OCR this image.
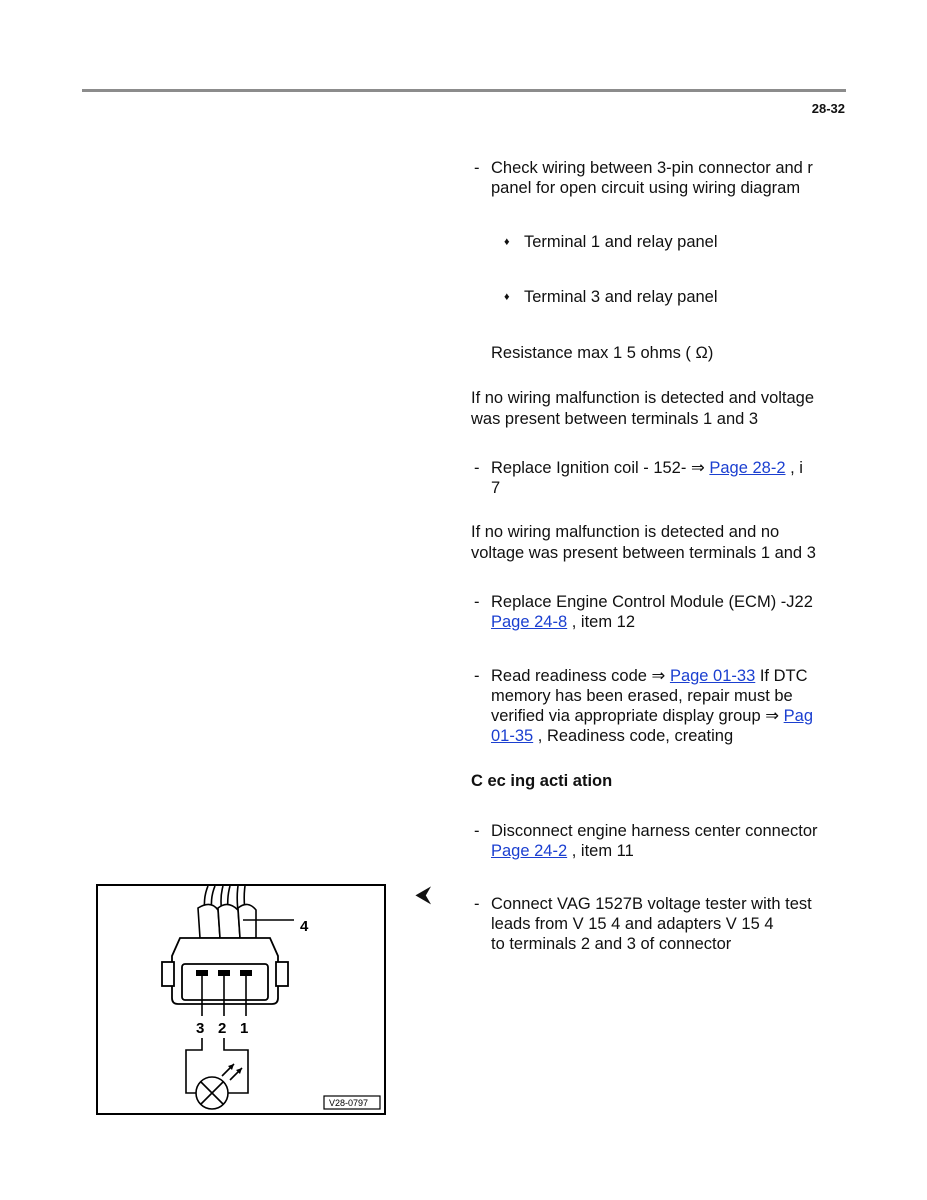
28-32
- Check wiring between 3-pin connector and r
panel for open circuit using wiring diagram
♦ Terminal 1 and relay panel
♦ Terminal 3 and relay panel
Resistance max 1 5 ohms ( Ω)
If no wiring malfunction is detected and voltage
was present between terminals 1 and 3
- Replace Ignition coil - 152- ⇒ Page 28-2 , i
7
If no wiring malfunction is detected and no
voltage was present between terminals 1 and 3
- Replace Engine Control Module (ECM) -J22
Page 24-8 , item 12
- Read readiness code ⇒ Page 01-33 If DTC
memory has been erased, repair must be
verified via appropriate display group ⇒ Pag
01-35 , Readiness code, creating
C ec ing acti ation
- Disconnect engine harness center connector
Page 24-2 , item 11
- Connect VAG 1527B voltage tester with test
leads from V 15 4 and adapters V 15 4
to terminals 2 and 3 of connector
⮜
4
3 2 1
V28-0797
